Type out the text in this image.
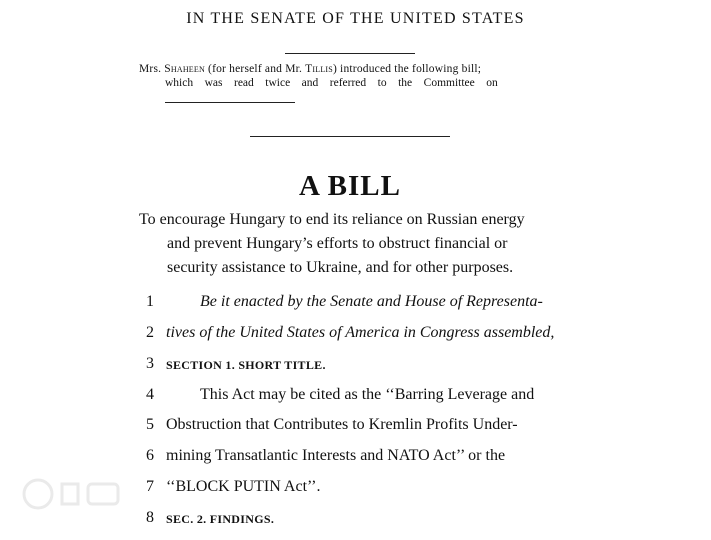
IN THE SENATE OF THE UNITED STATES
Mrs. Shaheen (for herself and Mr. Tillis) introduced the following bill;
which    was    read    twice    and    referred    to    the    Committee    on
A BILL
To encourage Hungary to end its reliance on Russian energy
and prevent Hungary’s efforts to obstruct financial or
security assistance to Ukraine, and for other purposes.
1	Be it enacted by the Senate and House of Representa-
2 tives of the United States of America in Congress assembled,
3 SECTION 1. SHORT TITLE.
4	This Act may be cited as the ‘‘Barring Leverage and
5 Obstruction that Contributes to Kremlin Profits Under-
6 mining Transatlantic Interests and NATO Act’’ or the
7 ‘‘BLOCK PUTIN Act’’.
8 SEC. 2. FINDINGS.
